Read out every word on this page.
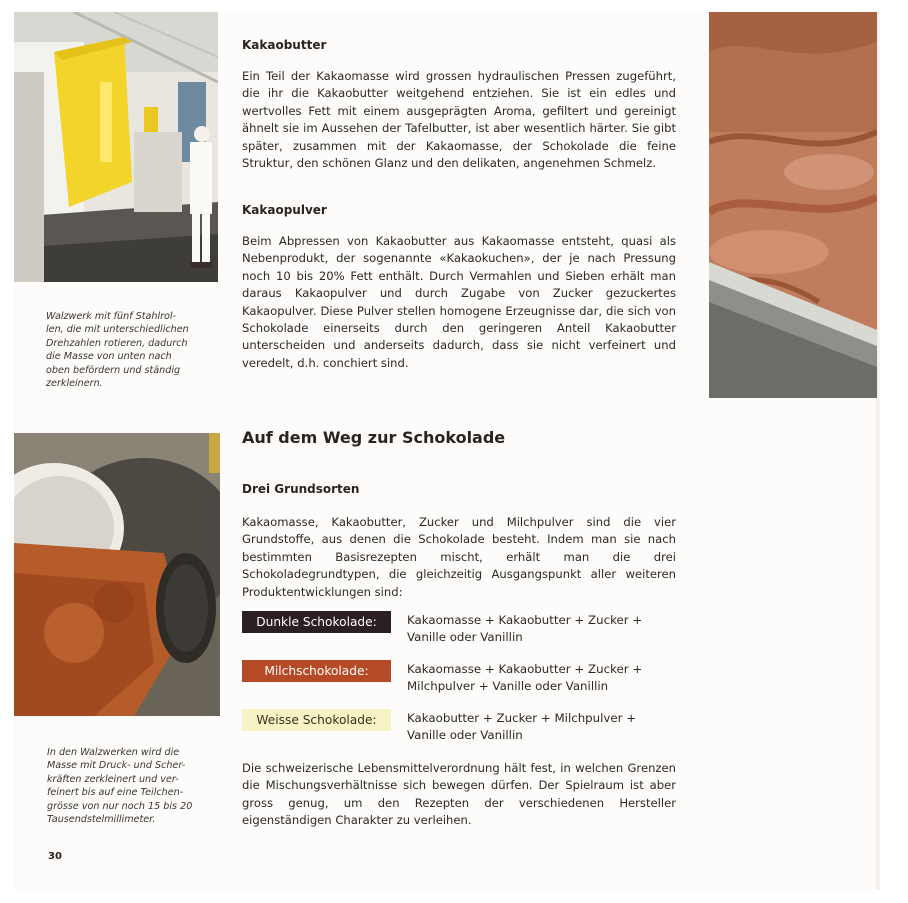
Walzwerk mit fünf Stahlrol-
len, die mit unterschiedlichen
Drehzahlen rotieren, dadurch
die Masse von unten nach
oben befördern und ständig
zerkleinern.
In den Walzwerken wird die
Masse mit Druck- und Scher-
kräften zerkleinert und ver-
feinert bis auf eine Teilchen-
grösse von nur noch 15 bis 20
Tausendstelmillimeter.
Kakaobutter
Ein Teil der Kakaomasse wird grossen hydraulischen Pressen zugeführt, die ihr die Kakaobutter weitgehend entziehen. Sie ist ein edles und wertvolles Fett mit einem ausgeprägten Aroma, gefiltert und gereinigt ähnelt sie im Aussehen der Tafelbutter, ist aber wesentlich härter. Sie gibt später, zusammen mit der Kakaomasse, der Schokolade die feine Struktur, den schönen Glanz und den delikaten, angenehmen Schmelz.
Kakaopulver
Beim Abpressen von Kakaobutter aus Kakaomasse entsteht, quasi als Nebenprodukt, der sogenannte «Kakaokuchen», der je nach Pressung noch 10 bis 20% Fett enthält. Durch Vermahlen und Sieben erhält man daraus Kakaopulver und durch Zugabe von Zucker gezuckertes Kakaopulver. Diese Pulver stellen homogene Erzeugnisse dar, die sich von Schokolade einerseits durch den geringeren Anteil Kakaobutter unterscheiden und anderseits dadurch, dass sie nicht verfeinert und veredelt, d.h. conchiert sind.
Auf dem Weg zur Schokolade
Drei Grundsorten
Kakaomasse, Kakaobutter, Zucker und Milchpulver sind die vier Grundstoffe, aus denen die Schokolade besteht. Indem man sie nach bestimmten Basisrezepten mischt, erhält man die drei Schokoladegrundtypen, die gleichzeitig Ausgangspunkt aller weiteren Produktentwicklungen sind:
Dunkle Schokolade:	Kakaomasse + Kakaobutter + Zucker + Vanille oder Vanillin
Milchschokolade:	Kakaomasse + Kakaobutter + Zucker + Milchpulver + Vanille oder Vanillin
Weisse Schokolade:	Kakaobutter + Zucker + Milchpulver + Vanille oder Vanillin
Die schweizerische Lebensmittelverordnung hält fest, in welchen Grenzen die Mischungsverhältnisse sich bewegen dürfen. Der Spielraum ist aber gross genug, um den Rezepten der verschiedenen Hersteller eigenständigen Charakter zu verleihen.
30
